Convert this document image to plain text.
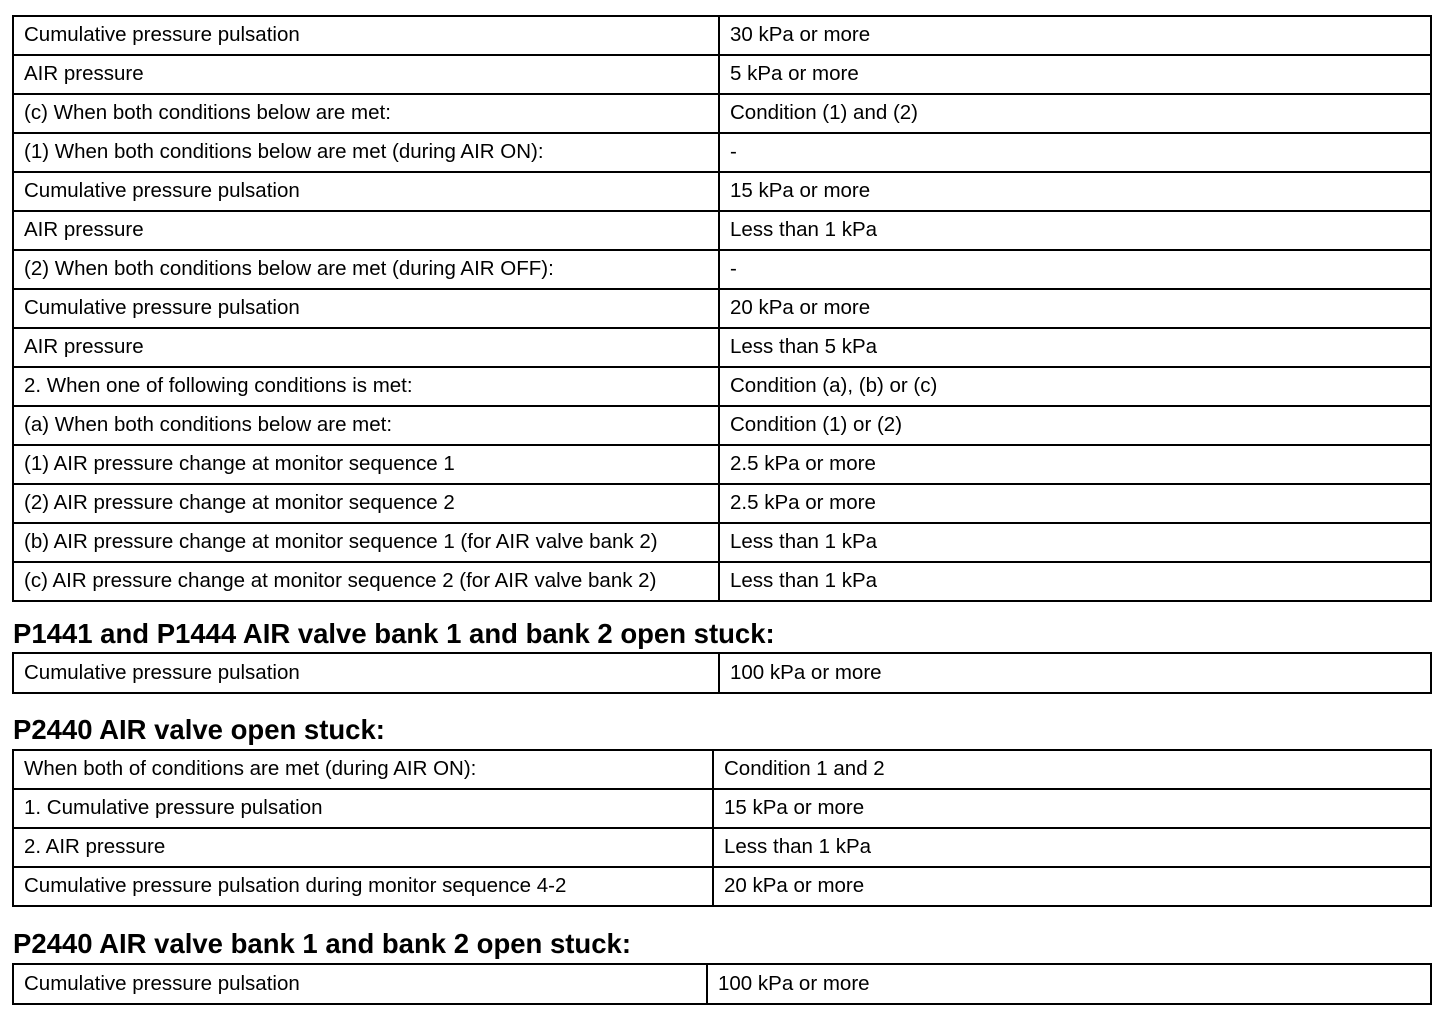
Cumulative pressure pulsation	30 kPa or more
AIR pressure	5 kPa or more
(c) When both conditions below are met:	Condition (1) and (2)
(1) When both conditions below are met (during AIR ON):	-
Cumulative pressure pulsation	15 kPa or more
AIR pressure	Less than 1 kPa
(2) When both conditions below are met (during AIR OFF):	-
Cumulative pressure pulsation	20 kPa or more
AIR pressure	Less than 5 kPa
2. When one of following conditions is met:	Condition (a), (b) or (c)
(a) When both conditions below are met:	Condition (1) or (2)
(1) AIR pressure change at monitor sequence 1	2.5 kPa or more
(2) AIR pressure change at monitor sequence 2	2.5 kPa or more
(b) AIR pressure change at monitor sequence 1 (for AIR valve bank 2)	Less than 1 kPa
(c) AIR pressure change at monitor sequence 2 (for AIR valve bank 2)	Less than 1 kPa
P1441 and P1444 AIR valve bank 1 and bank 2 open stuck:
Cumulative pressure pulsation	100 kPa or more
P2440 AIR valve open stuck:
When both of conditions are met (during AIR ON):	Condition 1 and 2
1. Cumulative pressure pulsation	15 kPa or more
2. AIR pressure	Less than 1 kPa
Cumulative pressure pulsation during monitor sequence 4-2	20 kPa or more
P2440 AIR valve bank 1 and bank 2 open stuck:
Cumulative pressure pulsation	100 kPa or more
